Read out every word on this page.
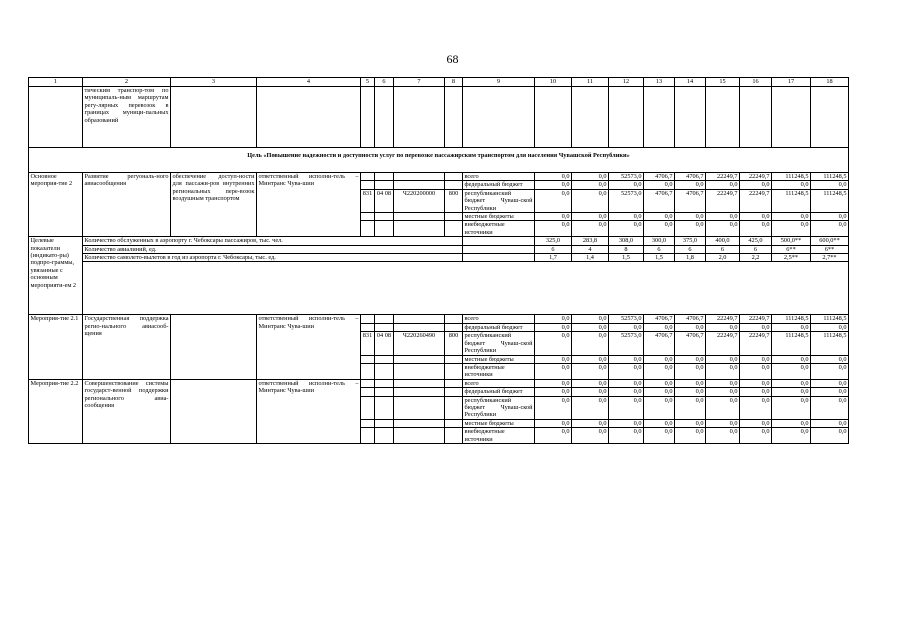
68
1	2	3	4	5	6	7	8	9	10	11	12	13	14	15	16	17	18
	тическим транспор-том по муниципаль-ным маршрутам регу-лярных перевозок в границах муници-пальных образований																
Цель «Повышение надежности и доступности услуг по перевозке пассажирским транспортом для населения Чувашской Республики»																	
Основное мероприя-тие 2	Развитие регуональ-ного авиасообщения	обеспечение доступ-ности для пассажи-ров внутренних региональных пере-возок воздушным транспортом	ответственный исполни-тель – Минтранс Чува-шии					всего	0,0	0,0	52573,0	4706,7	4706,7	22249,7	22249,7	111248,5	111248,5
								федеральный бюджет	0,0	0,0	0,0	0,0	0,0	0,0	0,0	0,0	0,0
				831	04 08	Ч220200000	800	республиканский бюджет Чуваш-ской Республики	0,0	0,0	52573,0	4706,7	4706,7	22249,7	22249,7	111248,5	111248,5
								местные бюджеты	0,0	0,0	0,0	0,0	0,0	0,0	0,0	0,0	0,0
								внебюджетные источники	0,0	0,0	0,0	0,0	0,0	0,0	0,0	0,0	0,0
Целевые показатели (индикато-ры) подпро-граммы, увязанные с основным мероприяти-ем 2	Количество обслуженных в аэропорту г. Чебоксары пассажиров, тыс. чел.								325,0	283,8	308,0	300,0	375,0	400,0	425,0	500,0**	600,0**
	Количество авиалиний, ед.								6	4	8	6	6	6	6	6**	6**
	Количество самолето-вылетов в год из аэропорта г. Чебоксары, тыс. ед.								1,7	1,4	1,5	1,5	1,8	2,0	2,2	2,5**	2,7**

Мероприя-тие 2.1	Государственная поддержка регио-нального авиасооб-щения		ответственный исполни-тель – Минтранс Чува-шии					всего	0,0	0,0	52573,0	4706,7	4706,7	22249,7	22249,7	111248,5	111248,5
								федеральный бюджет	0,0	0,0	0,0	0,0	0,0	0,0	0,0	0,0	0,0
				831	04 08	Ч220260490	800	республиканский бюджет Чуваш-ской Республики	0,0	0,0	52573,0	4706,7	4706,7	22249,7	22249,7	111248,5	111248,5
								местные бюджеты	0,0	0,0	0,0	0,0	0,0	0,0	0,0	0,0	0,0
								внебюджетные источники	0,0	0,0	0,0	0,0	0,0	0,0	0,0	0,0	0,0
Мероприя-тие 2.2	Совершенствование системы государст-венной поддержки регионального авиа-сообщения		ответственный исполни-тель – Минтранс Чува-шии					всего	0,0	0,0	0,0	0,0	0,0	0,0	0,0	0,0	0,0
								федеральный бюджет	0,0	0,0	0,0	0,0	0,0	0,0	0,0	0,0	0,0
								республиканский бюджет Чуваш-ской Республики	0,0	0,0	0,0	0,0	0,0	0,0	0,0	0,0	0,0
								местные бюджеты	0,0	0,0	0,0	0,0	0,0	0,0	0,0	0,0	0,0
								внебюджетные источники	0,0	0,0	0,0	0,0	0,0	0,0	0,0	0,0	0,0
